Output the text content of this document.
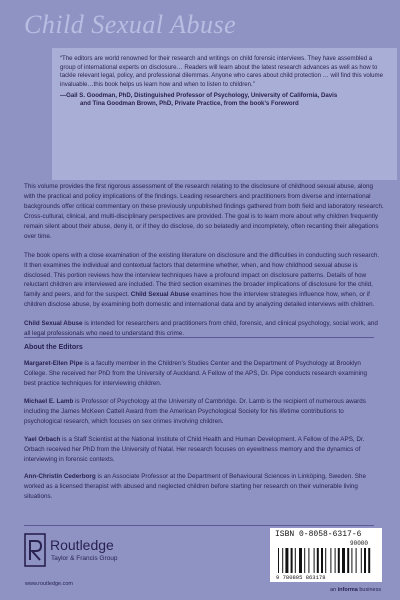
Child Sexual Abuse
“The editors are world renowned for their research and writings on child forensic interviews. They have assembled a group of international experts on disclosure… Readers will learn about the latest research advances as well as how to tackle relevant legal, policy, and professional dilemmas. Anyone who cares about child protection … will find this volume invaluable…this book helps us learn how and when to listen to children.”
—Gail S. Goodman, PhD, Distinguished Professor of Psychology, University of California, Davis
and Tina Goodman Brown, PhD, Private Practice, from the book’s Foreword

This volume provides the first rigorous assessment of the research relating to the disclosure of childhood sexual abuse, along with the practical and policy implications of the findings. Leading researchers and practitioners from diverse and international backgrounds offer critical commentary on these previously unpublished findings gathered from both field and laboratory research. Cross-cultural, clinical, and multi-disciplinary perspectives are provided. The goal is to learn more about why children frequently remain silent about their abuse, deny it, or if they do disclose, do so belatedly and incompletely, often recanting their allegations over time.

The book opens with a close examination of the existing literature on disclosure and the difficulties in conducting such research. It then examines the individual and contextual factors that determine whether, when, and how childhood sexual abuse is disclosed. This portion reviews how the interview techniques have a profound impact on disclosure patterns. Details of how reluctant children are interviewed are included. The third section examines the broader implications of disclosure for the child, family and peers, and for the suspect. Child Sexual Abuse examines how the interview strategies influence how, when, or if children disclose abuse, by examining both domestic and international data and by analyzing detailed interviews with children.

Child Sexual Abuse is intended for researchers and practitioners from child, forensic, and clinical psychology, social work, and all legal professionals who need to understand this crime.

About the Editors

Margaret-Ellen Pipe is a faculty member in the Children’s Studies Center and the Department of Psychology at Brooklyn College. She received her PhD from the University of Auckland. A Fellow of the APS, Dr. Pipe conducts research examining best practice techniques for interviewing children.

Michael E. Lamb is Professor of Psychology at the University of Cambridge. Dr. Lamb is the recipient of numerous awards including the James McKeen Cattell Award from the American Psychological Society for his lifetime contributions to psychological research, which focuses on sex crimes involving children.

Yael Orbach is a Staff Scientist at the National Institute of Child Health and Human Development. A Fellow of the APS, Dr. Orbach received her PhD from the University of Natal. Her research focuses on eyewitness memory and the dynamics of interviewing in forensic contexts.

Ann-Christin Cederborg is an Associate Professor at the Department of Behavioural Sciences in Linköping, Sweden. She worked as a licensed therapist with abused and neglected children before starting her research on their vulnerable living situations.

Routledge
Taylor & Francis Group
www.routledge.com
ISBN 0-8058-6317-6
90000
9 780805 863178
an informa business
